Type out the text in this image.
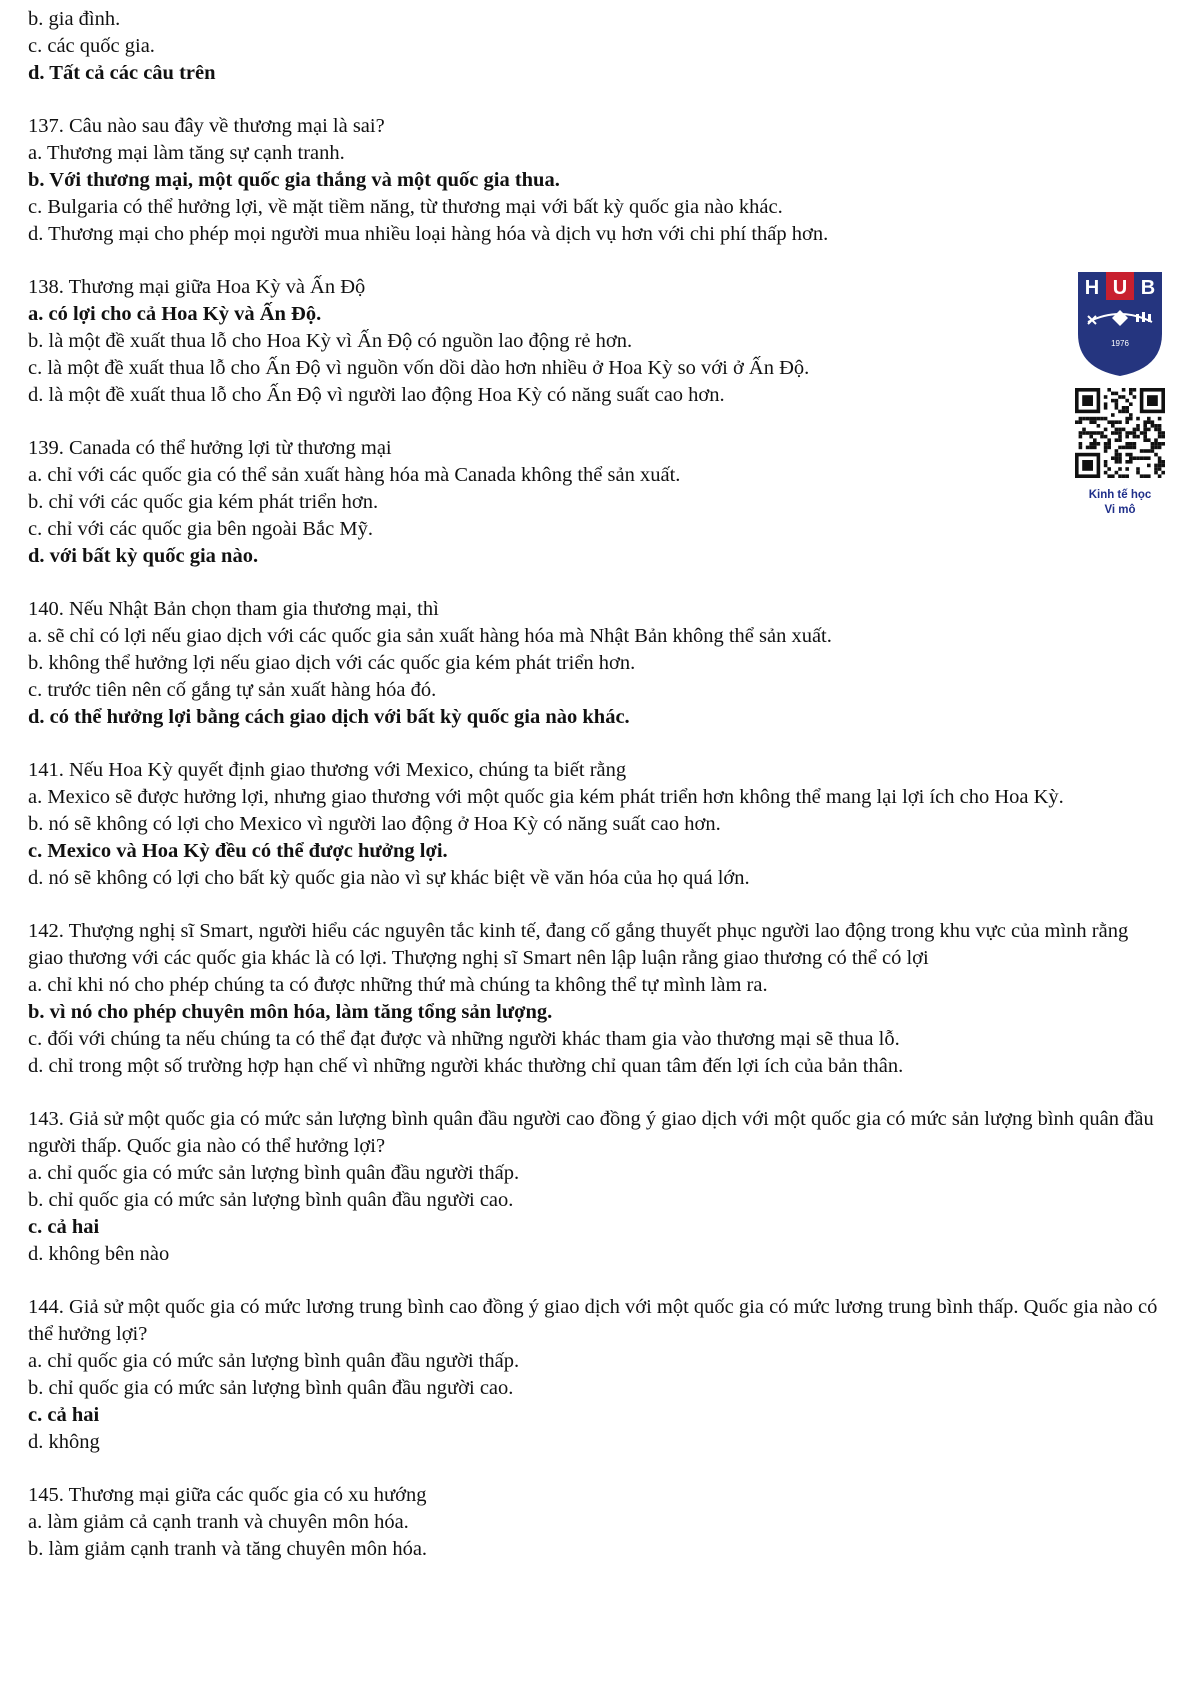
b. gia đình.
c. các quốc gia.
d. Tất cả các câu trên
137. Câu nào sau đây về thương mại là sai?
a. Thương mại làm tăng sự cạnh tranh.
b. Với thương mại, một quốc gia thắng và một quốc gia thua.
c. Bulgaria có thể hưởng lợi, về mặt tiềm năng, từ thương mại với bất kỳ quốc gia nào khác.
d. Thương mại cho phép mọi người mua nhiều loại hàng hóa và dịch vụ hơn với chi phí thấp hơn.
138. Thương mại giữa Hoa Kỳ và Ấn Độ
a. có lợi cho cả Hoa Kỳ và Ấn Độ.
b. là một đề xuất thua lỗ cho Hoa Kỳ vì Ấn Độ có nguồn lao động rẻ hơn.
c. là một đề xuất thua lỗ cho Ấn Độ vì nguồn vốn dồi dào hơn nhiều ở Hoa Kỳ so với ở Ấn Độ.
d. là một đề xuất thua lỗ cho Ấn Độ vì người lao động Hoa Kỳ có năng suất cao hơn.
139. Canada có thể hưởng lợi từ thương mại
a. chỉ với các quốc gia có thể sản xuất hàng hóa mà Canada không thể sản xuất.
b. chỉ với các quốc gia kém phát triển hơn.
c. chỉ với các quốc gia bên ngoài Bắc Mỹ.
d. với bất kỳ quốc gia nào.
140. Nếu Nhật Bản chọn tham gia thương mại, thì
a. sẽ chỉ có lợi nếu giao dịch với các quốc gia sản xuất hàng hóa mà Nhật Bản không thể sản xuất.
b. không thể hưởng lợi nếu giao dịch với các quốc gia kém phát triển hơn.
c. trước tiên nên cố gắng tự sản xuất hàng hóa đó.
d. có thể hưởng lợi bằng cách giao dịch với bất kỳ quốc gia nào khác.
141. Nếu Hoa Kỳ quyết định giao thương với Mexico, chúng ta biết rằng
a. Mexico sẽ được hưởng lợi, nhưng giao thương với một quốc gia kém phát triển hơn không thể mang lại lợi ích cho Hoa Kỳ.
b. nó sẽ không có lợi cho Mexico vì người lao động ở Hoa Kỳ có năng suất cao hơn.
c. Mexico và Hoa Kỳ đều có thể được hưởng lợi.
d. nó sẽ không có lợi cho bất kỳ quốc gia nào vì sự khác biệt về văn hóa của họ quá lớn.
142. Thượng nghị sĩ Smart, người hiểu các nguyên tắc kinh tế, đang cố gắng thuyết phục người lao động trong khu vực của mình rằng giao thương với các quốc gia khác là có lợi. Thượng nghị sĩ Smart nên lập luận rằng giao thương có thể có lợi
a. chỉ khi nó cho phép chúng ta có được những thứ mà chúng ta không thể tự mình làm ra.
b. vì nó cho phép chuyên môn hóa, làm tăng tổng sản lượng.
c. đối với chúng ta nếu chúng ta có thể đạt được và những người khác tham gia vào thương mại sẽ thua lỗ.
d. chỉ trong một số trường hợp hạn chế vì những người khác thường chỉ quan tâm đến lợi ích của bản thân.
143. Giả sử một quốc gia có mức sản lượng bình quân đầu người cao đồng ý giao dịch với một quốc gia có mức sản lượng bình quân đầu người thấp. Quốc gia nào có thể hưởng lợi?
a. chỉ quốc gia có mức sản lượng bình quân đầu người thấp.
b. chỉ quốc gia có mức sản lượng bình quân đầu người cao.
c. cả hai
d. không bên nào
144. Giả sử một quốc gia có mức lương trung bình cao đồng ý giao dịch với một quốc gia có mức lương trung bình thấp. Quốc gia nào có thể hưởng lợi?
a. chỉ quốc gia có mức sản lượng bình quân đầu người thấp.
b. chỉ quốc gia có mức sản lượng bình quân đầu người cao.
c. cả hai
d. không
145. Thương mại giữa các quốc gia có xu hướng
a. làm giảm cả cạnh tranh và chuyên môn hóa.
b. làm giảm cạnh tranh và tăng chuyên môn hóa.
H U B
1976
Kinh tế học
Vi mô
